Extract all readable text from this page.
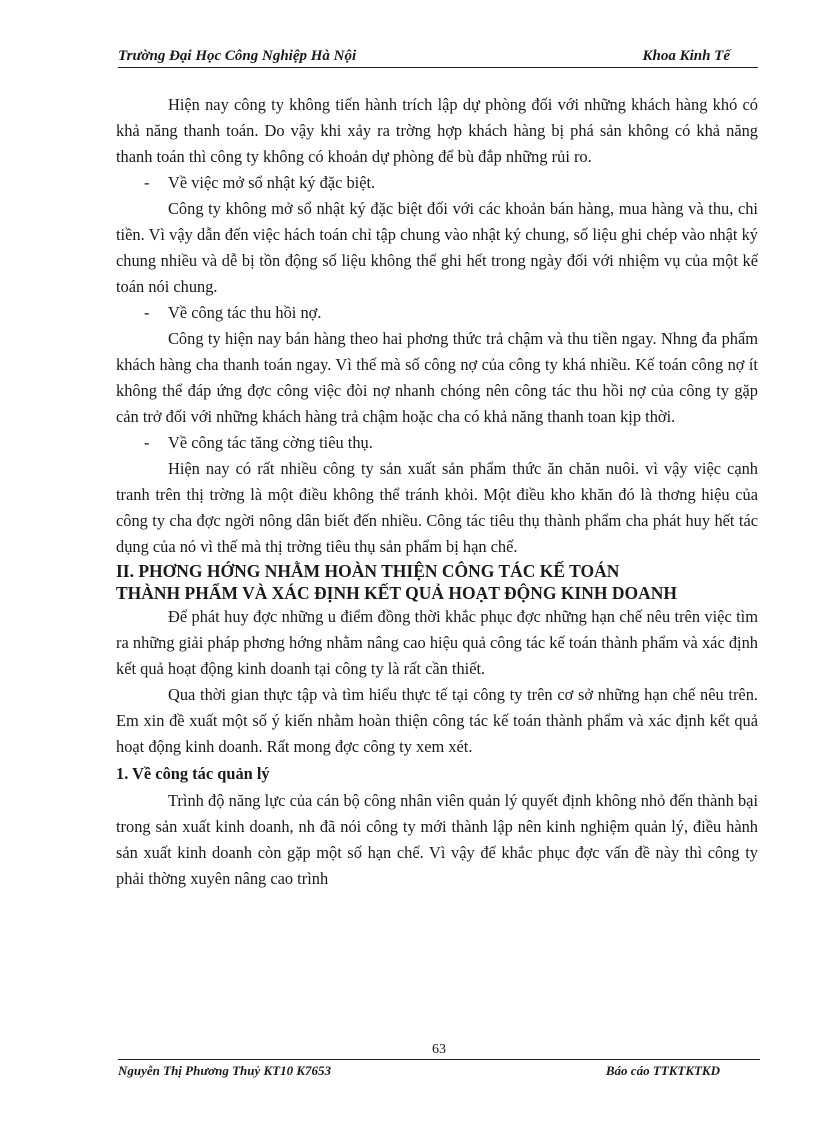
Trường Đại Học Công Nghiệp Hà Nội	Khoa Kinh Tế

Hiện nay công ty không tiến hành trích lập dự phòng đối với những khách hàng khó có khả năng thanh toán. Do vậy khi xảy ra trờng hợp khách hàng bị phá sản không có khả năng thanh toán thì công ty không có khoản dự phòng để bù đắp những rủi ro.

- Về việc mở sổ nhật ký đặc biệt.

Công ty không mở sổ nhật ký đặc biệt đối với các khoản bán hàng, mua hàng và thu, chi tiền. Vì vậy dẫn đến việc hách toán chỉ tập chung vào nhật ký chung, số liệu ghi chép vào nhật ký chung nhiều và dễ bị tồn động số liệu không thể ghi hết trong ngày đối với nhiệm vụ của một kế toán nói chung.

- Về công tác thu hồi nợ.

Công ty hiện nay bán hàng theo hai phơng thức trả chậm và thu tiền ngay. Nhng đa phẩm khách hàng cha thanh toán ngay. Vì thế mà số công nợ của công ty khá nhiều. Kế toán công nợ ít không thể đáp ứng đợc công việc đòi nợ nhanh chóng nên công tác thu hồi nợ của công ty gặp cản trở đối với những khách hàng trả chậm hoặc cha có khả năng thanh toan kịp thời.

- Về công tác tăng cờng tiêu thụ.

Hiện nay có rất nhiều công ty sản xuất sản phẩm thức ăn chăn nuôi. vì vậy việc cạnh tranh trên thị trờng là một điều không thể tránh khỏi. Một điều kho khăn đó là thơng hiệu của công ty cha đợc ngời nông dân biết đến nhiều. Công tác tiêu thụ thành phẩm cha phát huy hết tác dụng của nó vì thế mà thị trờng tiêu thụ sản phẩm bị hạn chế.

II. PHƠNG HỚNG NHẰM HOÀN THIỆN CÔNG TÁC KẾ TOÁN

THÀNH PHẨM VÀ XÁC ĐỊNH KẾT QUẢ HOẠT ĐỘNG KINH DOANH

Để phát huy đợc những u điểm đồng thời khắc phục đợc những hạn chế nêu trên việc tìm ra những giải pháp phơng hớng nhằm nâng cao hiệu quả công tác kế toán thành phẩm và xác định kết quả hoạt động kinh doanh tại công ty là rất cần thiết.

Qua thời gian thực tập và tìm hiểu thực tế tại công ty trên cơ sở những hạn chế nêu trên. Em xin đề xuất một số ý kiến nhằm hoàn thiện công tác kế toán thành phẩm và xác định kết quả hoạt động kinh doanh. Rất mong đợc công ty xem xét.

1. Về công tác quản lý

Trình độ năng lực của cán bộ công nhân viên quản lý quyết định không nhỏ đến thành bại trong sản xuất kinh doanh, nh đã nói công ty mới thành lập nên kinh nghiệm quản lý, điều hành sản xuất kinh doanh còn gặp một số hạn chế. Vì vậy để khắc phục đợc vấn đề này thì công ty phải thờng xuyên nâng cao trình

63
Nguyễn Thị Phương Thuỷ KT10 K7653	Báo cáo TTKTKTKD
